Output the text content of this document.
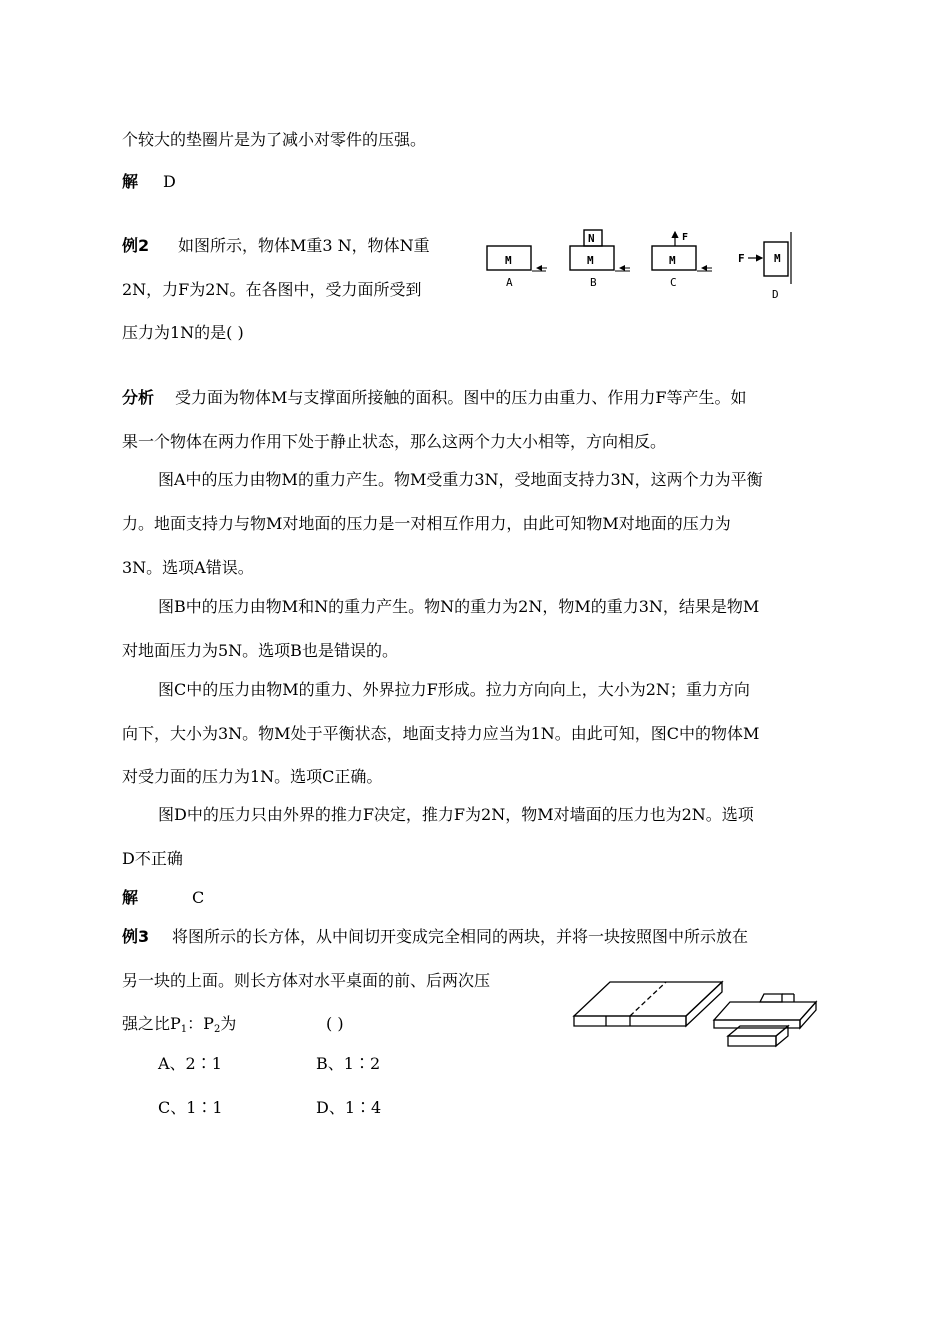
个较大的垫圈片是为了减小对零件的压强。
解 D
例2 如图所示，物体M重3 N，物体N重
2N，力F为2N。在各图中，受力面所受到
压力为1N的是( )
M
A
N
M
B
F
M
C
F	M
D
分析 受力面为物体M与支撑面所接触的面积。图中的压力由重力、作用力F等产生。如
果一个物体在两力作用下处于静止状态，那么这两个力大小相等，方向相反。
图A中的压力由物M的重力产生。物M受重力3N，受地面支持力3N，这两个力为平衡
力。地面支持力与物M对地面的压力是一对相互作用力，由此可知物M对地面的压力为
3N。选项A错误。
图B中的压力由物M和N的重力产生。物N的重力为2N，物M的重力3N，结果是物M
对地面压力为5N。选项B也是错误的。
图C中的压力由物M的重力、外界拉力F形成。拉力方向向上，大小为2N；重力方向
向下，大小为3N。物M处于平衡状态，地面支持力应当为1N。由此可知，图C中的物体M
对受力面的压力为1N。选项C正确。
图D中的压力只由外界的推力F决定，推力F为2N，物M对墙面的压力也为2N。选项
D不正确
解	C
例3 将图所示的长方体，从中间切开变成完全相同的两块，并将一块按照图中所示放在
另一块的上面。则长方体对水平桌面的前、后两次压
强之比$P_1$：$P_2$为	( )
A、2∶1	B、1∶2
C、1∶1	D、1∶4
